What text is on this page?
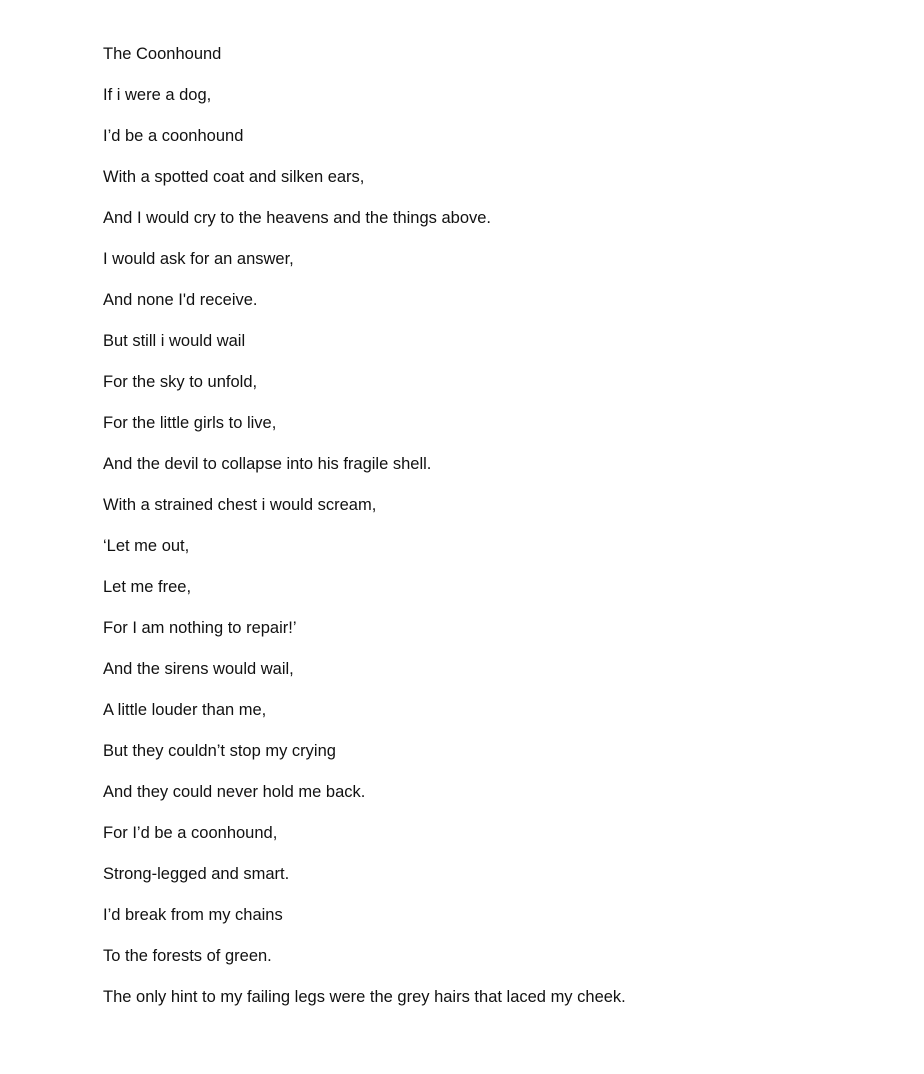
The Coonhound

If i were a dog,

I’d be a coonhound

With a spotted coat and silken ears,

And I would cry to the heavens and the things above.

I would ask for an answer,

And none I'd receive.

But still i would wail

For the sky to unfold,

For the little girls to live,

And the devil to collapse into his fragile shell.

With a strained chest i would scream,

‘Let me out,

Let me free,

For I am nothing to repair!’

And the sirens would wail,

A little louder than me,

But they couldn’t stop my crying

And they could never hold me back.

For I’d be a coonhound,

Strong-legged and smart.

I’d break from my chains

To the forests of green.

The only hint to my failing legs were the grey hairs that laced my cheek.
